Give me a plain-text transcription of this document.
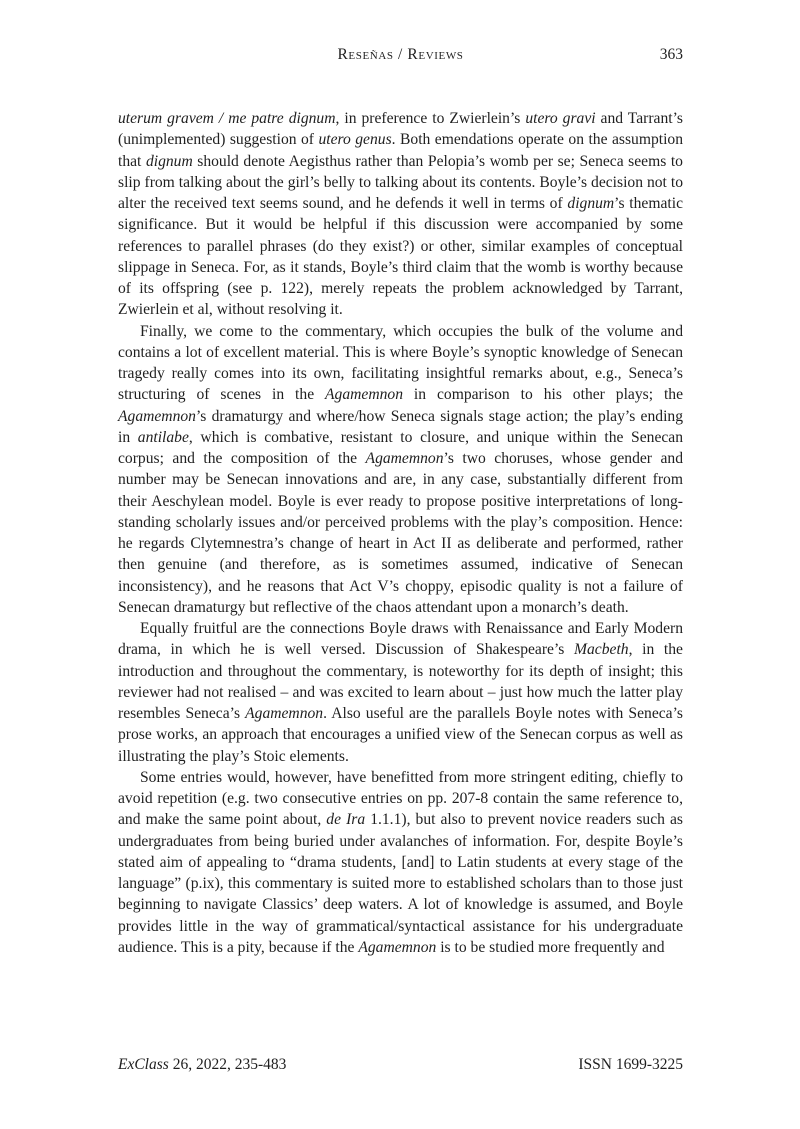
Reseñas / Reviews	363

uterum gravem / me patre dignum, in preference to Zwierlein’s utero gravi and Tarrant’s (unimplemented) suggestion of utero genus. Both emendations operate on the assumption that dignum should denote Aegisthus rather than Pelopia’s womb per se; Seneca seems to slip from talking about the girl’s belly to talking about its contents. Boyle’s decision not to alter the received text seems sound, and he defends it well in terms of dignum’s thematic significance. But it would be helpful if this discussion were accompanied by some references to parallel phrases (do they exist?) or other, similar examples of conceptual slippage in Seneca. For, as it stands, Boyle’s third claim that the womb is worthy because of its offspring (see p. 122), merely repeats the problem acknowledged by Tarrant, Zwierlein et al, without resolving it.

Finally, we come to the commentary, which occupies the bulk of the volume and contains a lot of excellent material. This is where Boyle’s synoptic knowledge of Senecan tragedy really comes into its own, facilitating insightful remarks about, e.g., Seneca’s structuring of scenes in the Agamemnon in comparison to his other plays; the Agamemnon’s dramaturgy and where/how Seneca signals stage action; the play’s ending in antilabe, which is combative, resistant to closure, and unique within the Senecan corpus; and the composition of the Agamemnon’s two choruses, whose gender and number may be Senecan innovations and are, in any case, substantially different from their Aeschylean model. Boyle is ever ready to propose positive interpretations of long-standing scholarly issues and/or perceived problems with the play’s composition. Hence: he regards Clytemnestra’s change of heart in Act II as deliberate and performed, rather then genuine (and therefore, as is sometimes assumed, indicative of Senecan inconsistency), and he reasons that Act V’s choppy, episodic quality is not a failure of Senecan dramaturgy but reflective of the chaos attendant upon a monarch’s death.

Equally fruitful are the connections Boyle draws with Renaissance and Early Modern drama, in which he is well versed. Discussion of Shakespeare’s Macbeth, in the introduction and throughout the commentary, is noteworthy for its depth of insight; this reviewer had not realised – and was excited to learn about – just how much the latter play resembles Seneca’s Agamemnon. Also useful are the parallels Boyle notes with Seneca’s prose works, an approach that encourages a unified view of the Senecan corpus as well as illustrating the play’s Stoic elements.

Some entries would, however, have benefitted from more stringent editing, chiefly to avoid repetition (e.g. two consecutive entries on pp. 207-8 contain the same reference to, and make the same point about, de Ira 1.1.1), but also to prevent novice readers such as undergraduates from being buried under avalanches of information. For, despite Boyle’s stated aim of appealing to “drama students, [and] to Latin students at every stage of the language” (p.ix), this commentary is suited more to established scholars than to those just beginning to navigate Classics’ deep waters. A lot of knowledge is assumed, and Boyle provides little in the way of grammatical/syntactical assistance for his undergraduate audience. This is a pity, because if the Agamemnon is to be studied more frequently and

ExClass 26, 2022, 235-483	ISSN 1699-3225
